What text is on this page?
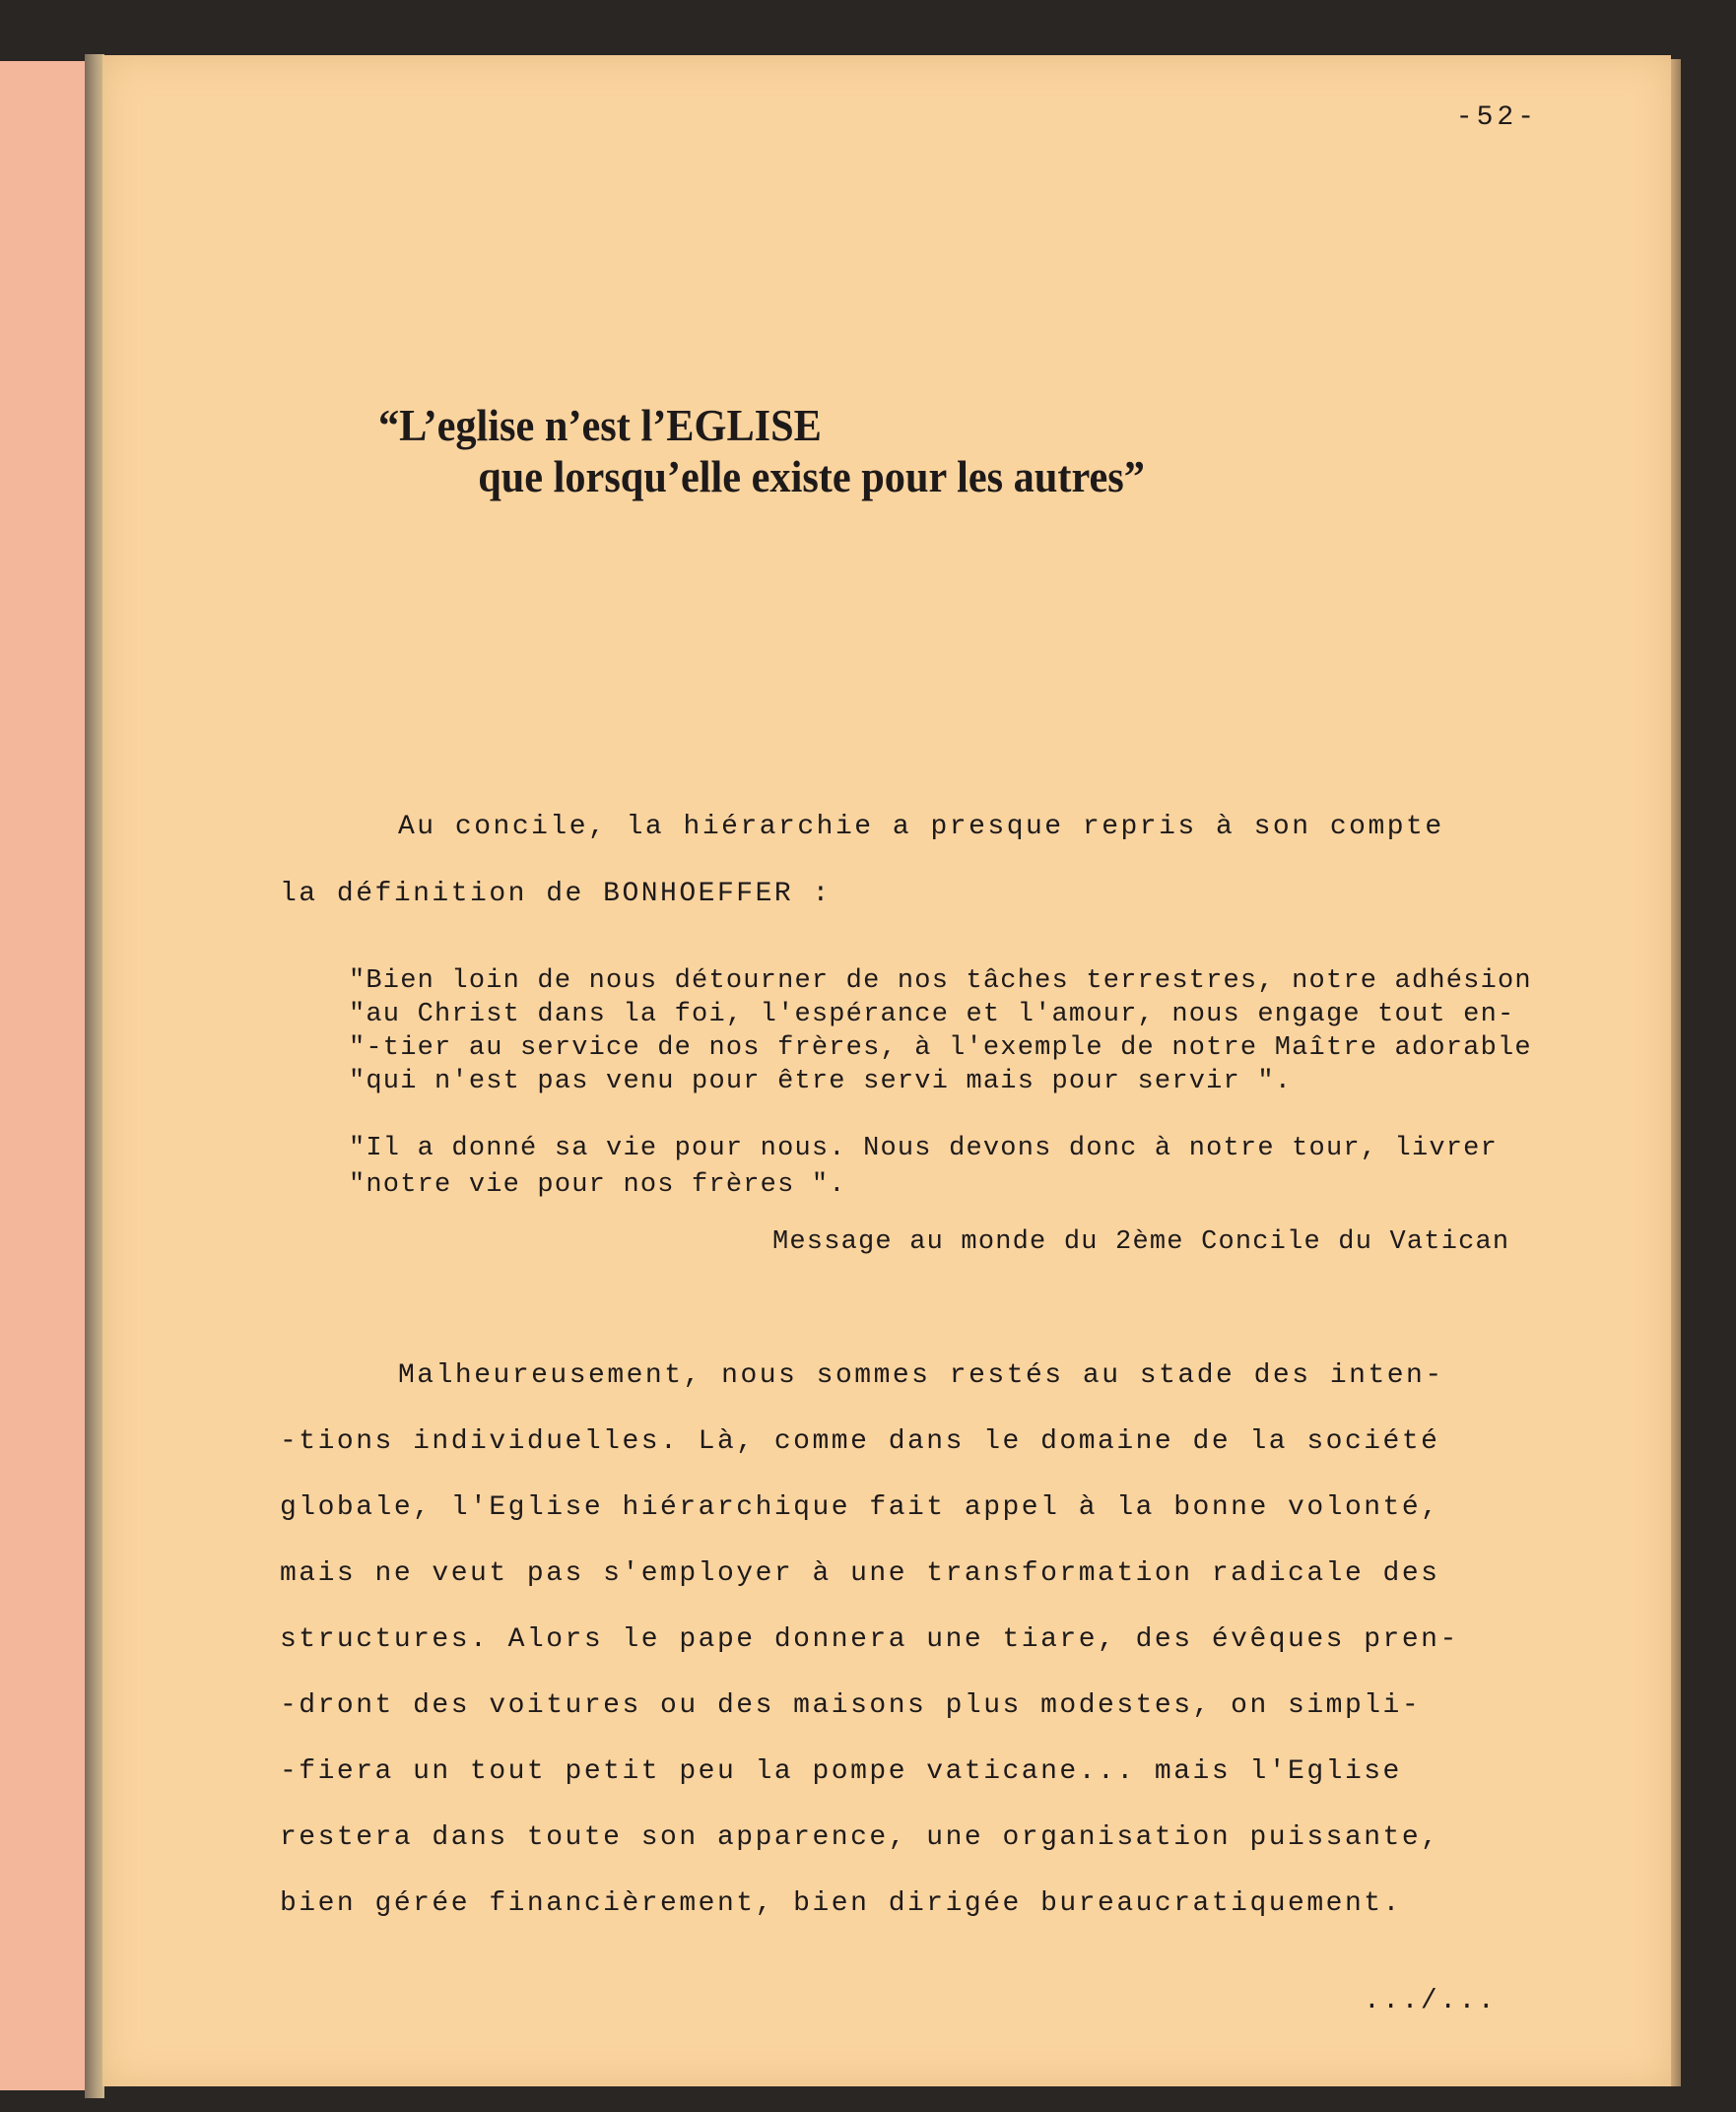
-52-
“L’eglise n’est l’EGLISE
que lorsqu’elle existe pour les autres”
Au concile, la hiérarchie a presque repris à son compte
la définition de BONHOEFFER :
"Bien loin de nous détourner de nos tâches terrestres, notre adhésion
"au Christ dans la foi, l'espérance et l'amour, nous engage tout en-
"-tier au service de nos frères, à l'exemple de notre Maître adorable
"qui n'est pas venu pour être servi mais pour servir ".
"Il a donné sa vie pour nous. Nous devons donc à notre tour, livrer
"notre vie pour nos frères ".
Message au monde du 2ème Concile du Vatican
Malheureusement, nous sommes restés au stade des inten-
-tions individuelles. Là, comme dans le domaine de la société
globale, l'Eglise hiérarchique fait appel à la bonne volonté,
mais ne veut pas s'employer à une transformation radicale des
structures. Alors le pape donnera une tiare, des évêques pren-
-dront des voitures ou des maisons plus modestes, on simpli-
-fiera un tout petit peu la pompe vaticane... mais l'Eglise
restera dans toute son apparence, une organisation puissante,
bien gérée financièrement, bien dirigée bureaucratiquement.
.../...
